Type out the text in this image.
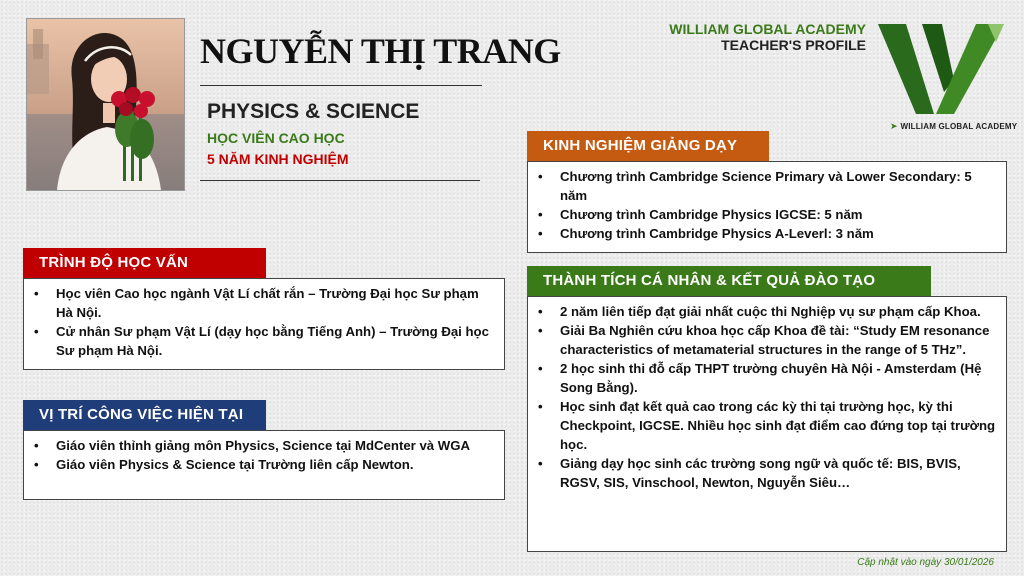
NGUYỄN THỊ TRANG
PHYSICS & SCIENCE
HỌC VIÊN CAO HỌC
5 NĂM KINH NGHIỆM
WILLIAM GLOBAL ACADEMY
TEACHER'S PROFILE
➤ WILLIAM GLOBAL ACADEMY
TRÌNH ĐỘ HỌC VẤN
• Học viên Cao học ngành Vật Lí chất rắn – Trường Đại học Sư phạm Hà Nội.
• Cử nhân Sư phạm Vật Lí (dạy học bằng Tiếng Anh) – Trường Đại học Sư phạm Hà Nội.
VỊ TRÍ CÔNG VIỆC HIỆN TẠI
• Giáo viên thỉnh giảng môn Physics, Science tại MdCenter và WGA
• Giáo viên Physics & Science tại Trường liên cấp Newton.
KINH NGHIỆM GIẢNG DẠY
• Chương trình Cambridge Science Primary và Lower Secondary: 5 năm
• Chương trình Cambridge Physics IGCSE: 5 năm
• Chương trình Cambridge Physics A-Leverl: 3 năm
THÀNH TÍCH CÁ NHÂN & KẾT QUẢ ĐÀO TẠO
• 2 năm liên tiếp đạt giải nhất cuộc thi Nghiệp vụ sư phạm cấp Khoa.
• Giải Ba Nghiên cứu khoa học cấp Khoa đề tài: “Study EM resonance characteristics of metamaterial structures in the range of 5 THz”.
• 2 học sinh thi đỗ cấp THPT trường chuyên Hà Nội - Amsterdam (Hệ Song Bằng).
• Học sinh đạt kết quả cao trong các kỳ thi tại trường học, kỳ thi Checkpoint, IGCSE. Nhiều học sinh đạt điểm cao đứng top tại trường học.
• Giảng dạy học sinh các trường song ngữ và quốc tế: BIS, BVIS, RGSV, SIS, Vinschool, Newton, Nguyễn Siêu…
Cập nhật vào ngày 30/01/2026
